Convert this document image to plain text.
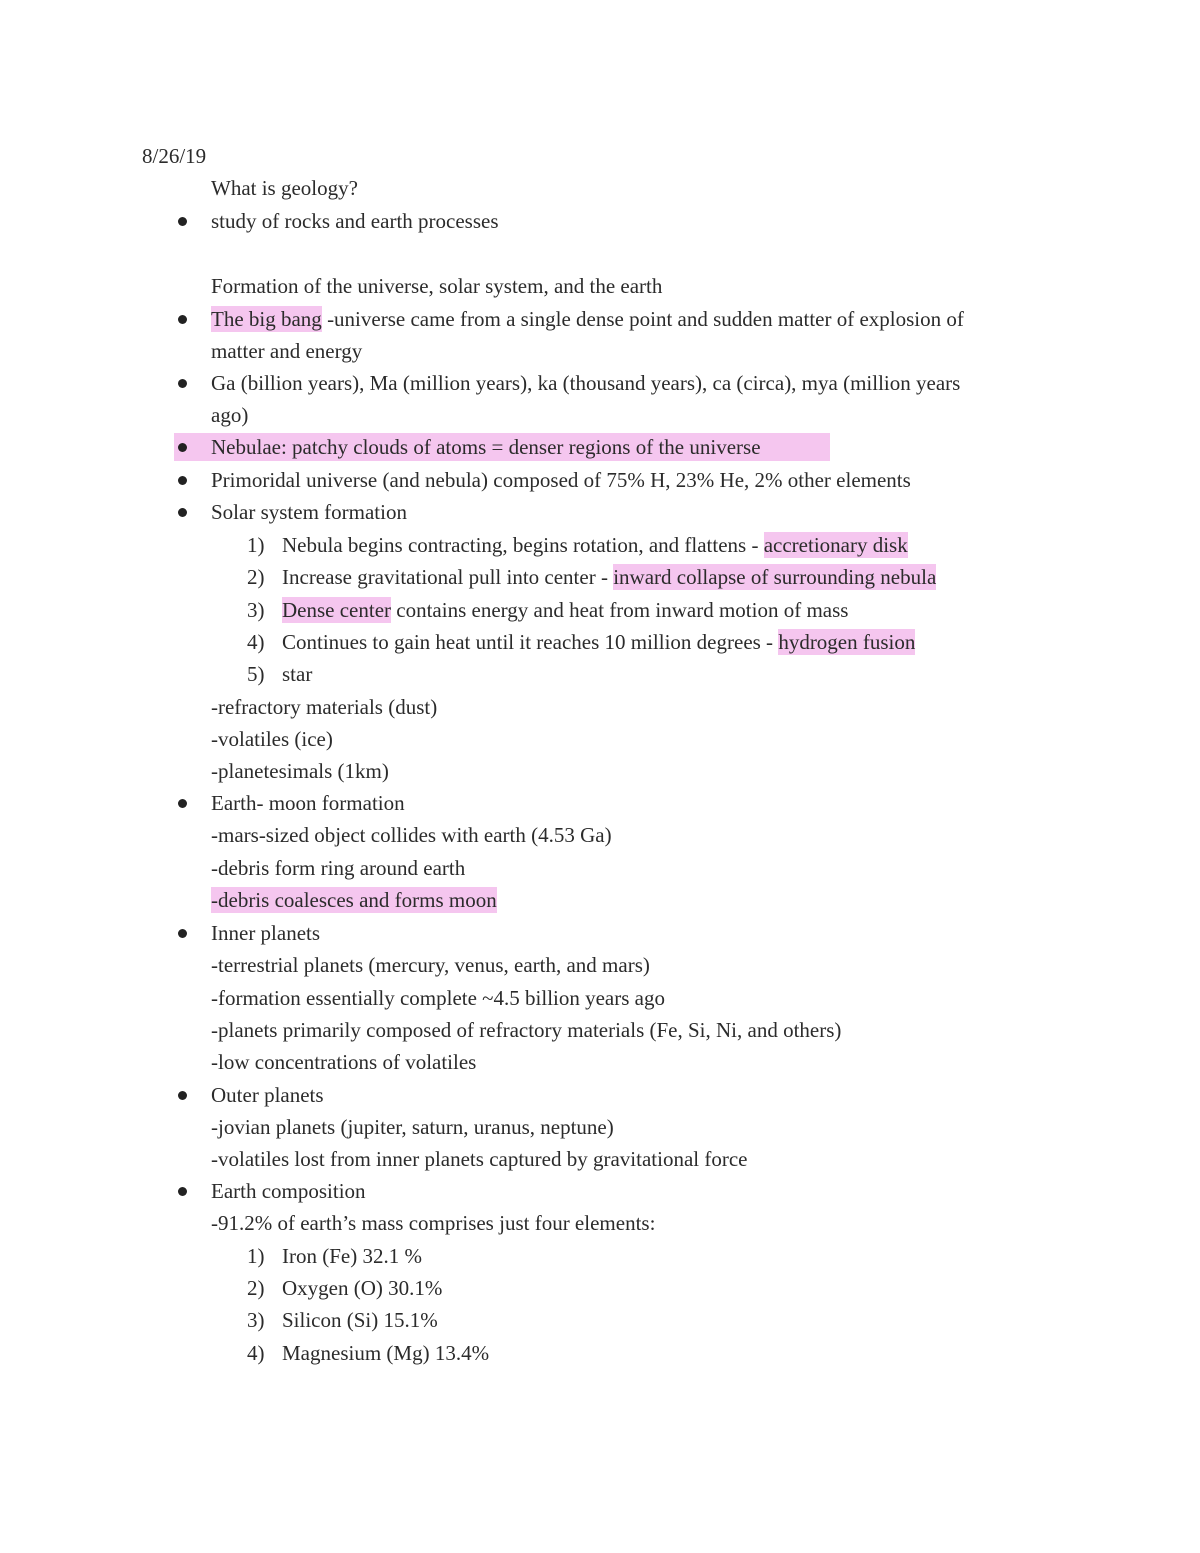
8/26/19
What is geology?
study of rocks and earth processes
Formation of the universe, solar system, and the earth
The big bang -universe came from a single dense point and sudden matter of explosion of
matter and energy
Ga (billion years), Ma (million years), ka (thousand years), ca (circa), mya (million years
ago)
Nebulae: patchy clouds of atoms = denser regions of the universe
Primoridal universe (and nebula) composed of 75% H, 23% He, 2% other elements
Solar system formation
1) Nebula begins contracting, begins rotation, and flattens - accretionary disk
2) Increase gravitational pull into center - inward collapse of surrounding nebula
3) Dense center contains energy and heat from inward motion of mass
4) Continues to gain heat until it reaches 10 million degrees - hydrogen fusion
5) star
-refractory materials (dust)
-volatiles (ice)
-planetesimals (1km)
Earth- moon formation
-mars-sized object collides with earth (4.53 Ga)
-debris form ring around earth
-debris coalesces and forms moon
Inner planets
-terrestrial planets (mercury, venus, earth, and mars)
-formation essentially complete ~4.5 billion years ago
-planets primarily composed of refractory materials (Fe, Si, Ni, and others)
-low concentrations of volatiles
Outer planets
-jovian planets (jupiter, saturn, uranus, neptune)
-volatiles lost from inner planets captured by gravitational force
Earth composition
-91.2% of earth’s mass comprises just four elements:
1) Iron (Fe) 32.1 %
2) Oxygen (O) 30.1%
3) Silicon (Si) 15.1%
4) Magnesium (Mg) 13.4%
